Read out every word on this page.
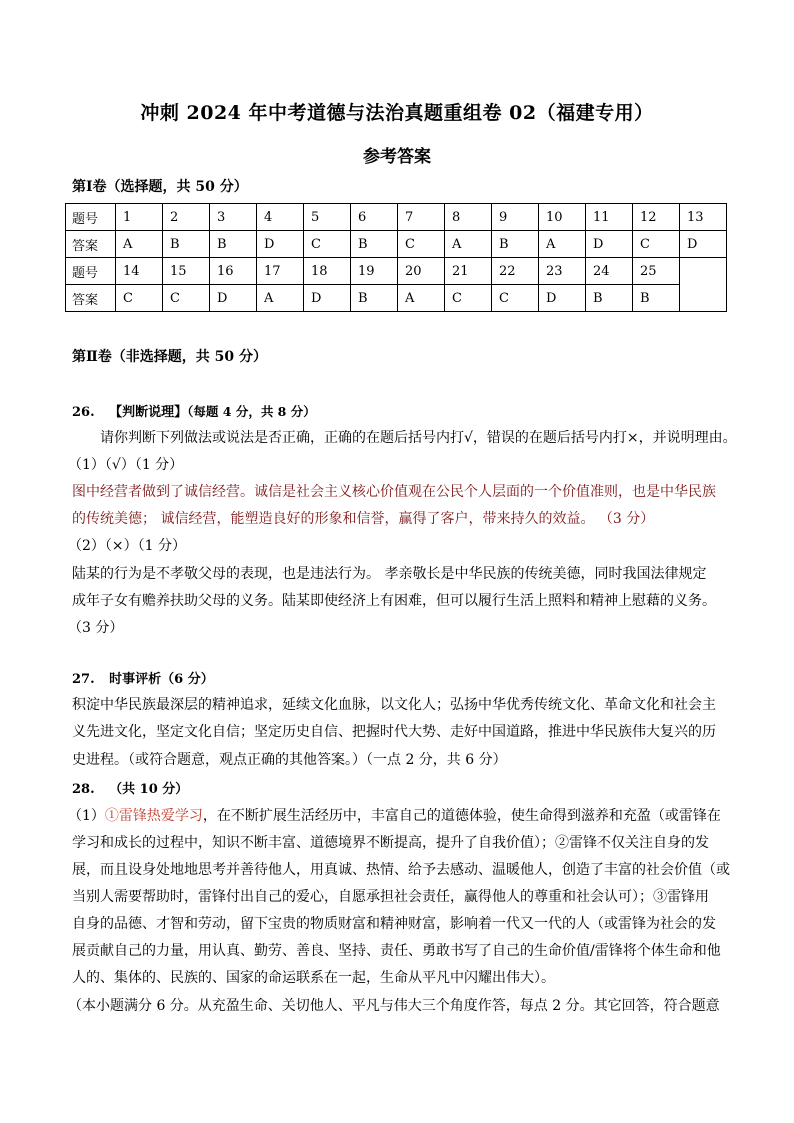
冲刺 2024 年中考道德与法治真题重组卷 02（福建专用）
参考答案
第Ⅰ卷（选择题，共 50 分）
题号	1	2	3	4	5	6	7	8	9	10	11	12	13
答案	A	B	B	D	C	B	C	A	B	A	D	C	D
题号	14	15	16	17	18	19	20	21	22	23	24	25	
答案	C	C	D	A	D	B	A	C	C	D	B	B	
第Ⅱ卷（非选择题，共 50 分）
26. 【判断说理】（每题 4 分，共 8 分）
请你判断下列做法或说法是否正确，正确的在题后括号内打√，错误的在题后括号内打×，并说明理由。
（1）（√）（1 分）
图中经营者做到了诚信经营。诚信是社会主义核心价值观在公民个人层面的一个价值准则，也是中华民族
的传统美德； 诚信经营，能塑造良好的形象和信誉，赢得了客户，带来持久的效益。 （3 分）
（2）（×）（1 分）
陆某的行为是不孝敬父母的表现，也是违法行为。 孝亲敬长是中华民族的传统美德，同时我国法律规定
成年子女有赡养扶助父母的义务。陆某即使经济上有困难，但可以履行生活上照料和精神上慰藉的义务。
（3 分）
27. 时事评析（6 分）
积淀中华民族最深层的精神追求，延续文化血脉，以文化人；弘扬中华优秀传统文化、革命文化和社会主
义先进文化，坚定文化自信；坚定历史自信、把握时代大势、走好中国道路，推进中华民族伟大复兴的历
史进程。（或符合题意，观点正确的其他答案。）（一点 2 分，共 6 分）
28. （共 10 分）
（1）①雷锋热爱学习，在不断扩展生活经历中，丰富自己的道德体验，使生命得到滋养和充盈（或雷锋在
学习和成长的过程中，知识不断丰富、道德境界不断提高，提升了自我价值）；②雷锋不仅关注自身的发
展，而且设身处地地思考并善待他人，用真诚、热情、给予去感动、温暖他人，创造了丰富的社会价值（或
当别人需要帮助时，雷锋付出自己的爱心，自愿承担社会责任，赢得他人的尊重和社会认可）；③雷锋用
自身的品德、才智和劳动，留下宝贵的物质财富和精神财富，影响着一代又一代的人（或雷锋为社会的发
展贡献自己的力量，用认真、勤劳、善良、坚持、责任、勇敢书写了自己的生命价值/雷锋将个体生命和他
人的、集体的、民族的、国家的命运联系在一起，生命从平凡中闪耀出伟大）。
（本小题满分 6 分。从充盈生命、关切他人、平凡与伟大三个角度作答，每点 2 分。其它回答，符合题意
